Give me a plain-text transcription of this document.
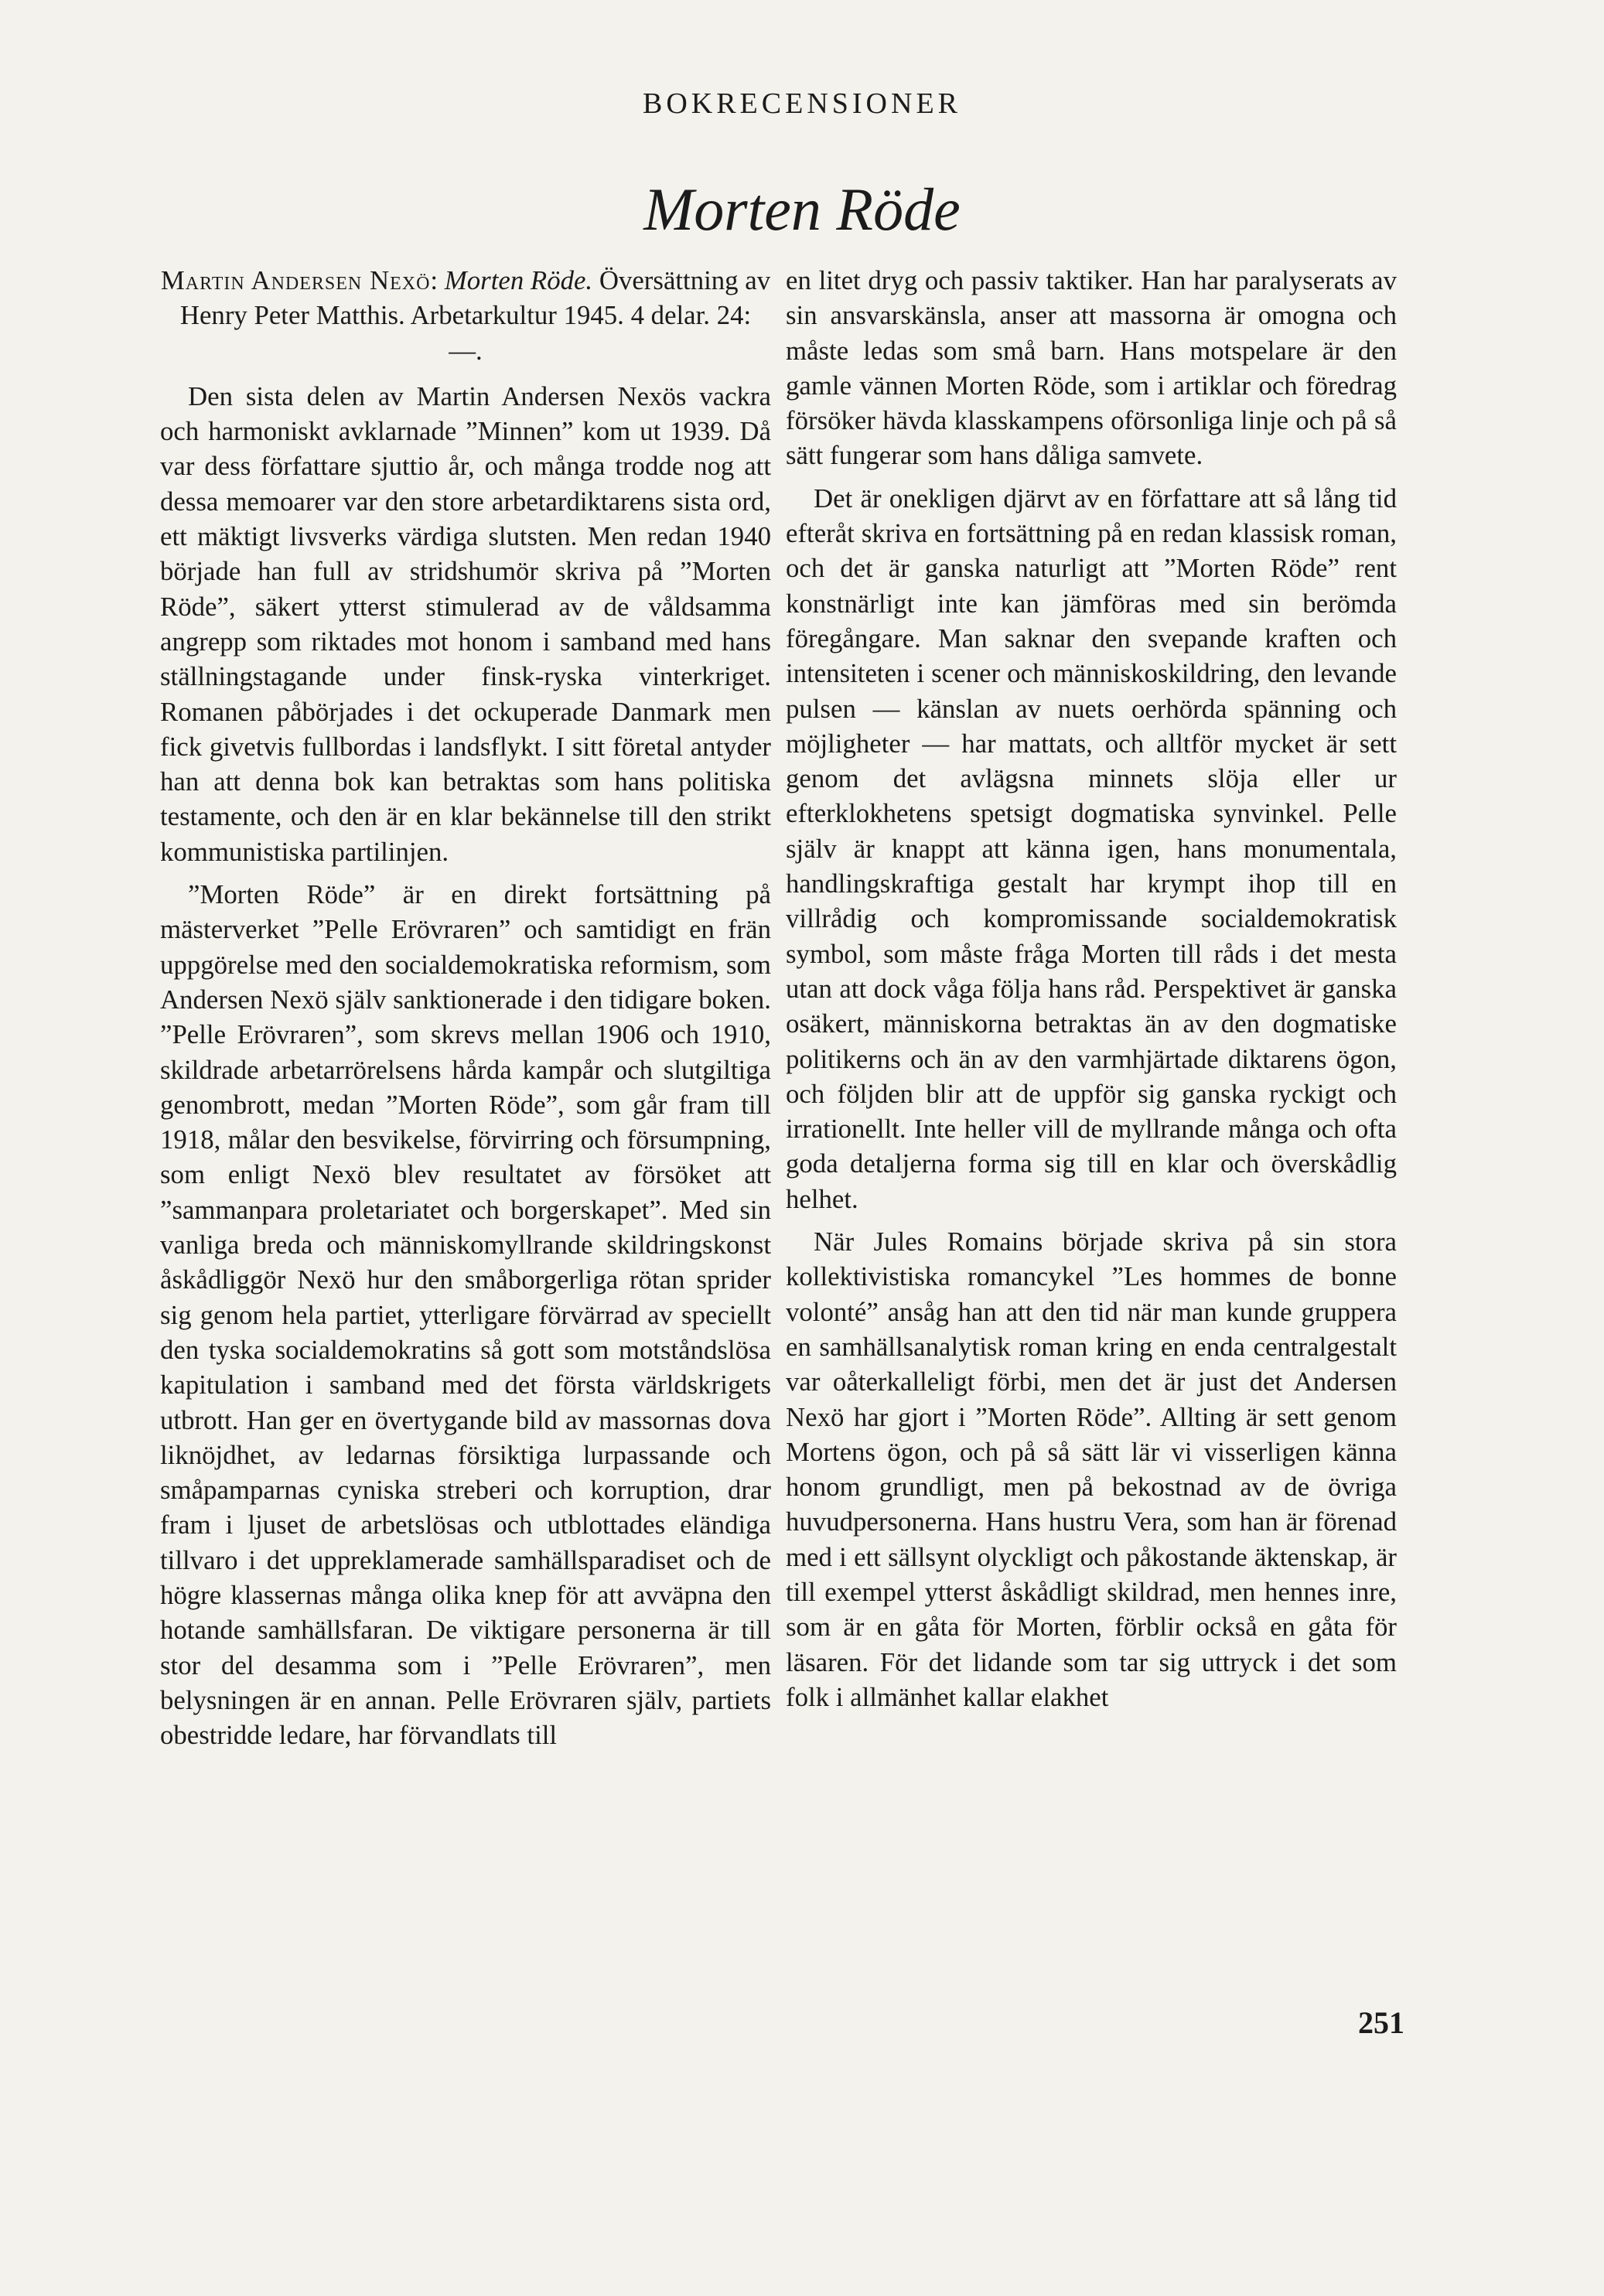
BOKRECENSIONER
Morten Röde
Martin Andersen Nexö: Morten Röde. Översättning av Henry Peter Matthis. Arbetarkultur 1945. 4 delar. 24: —.

Den sista delen av Martin Andersen Nexös vackra och harmoniskt avklarnade ”Minnen” kom ut 1939. Då var dess författare sjuttio år, och många trodde nog att dessa memoarer var den store arbetardiktarens sista ord, ett mäktigt livsverks värdiga slutsten. Men redan 1940 började han full av stridshumör skriva på ”Morten Röde”, säkert ytterst stimulerad av de våldsamma angrepp som riktades mot honom i samband med hans ställningstagande under finsk-ryska vinterkriget. Romanen påbörjades i det ockuperade Danmark men fick givetvis fullbordas i landsflykt. I sitt företal antyder han att denna bok kan betraktas som hans politiska testamente, och den är en klar bekännelse till den strikt kommunistiska partilinjen.

”Morten Röde” är en direkt fortsättning på mästerverket ”Pelle Erövraren” och samtidigt en frän uppgörelse med den socialdemokratiska reformism, som Andersen Nexö själv sanktionerade i den tidigare boken. ”Pelle Erövraren”, som skrevs mellan 1906 och 1910, skildrade arbetarrörelsens hårda kampår och slutgiltiga genombrott, medan ”Morten Röde”, som går fram till 1918, målar den besvikelse, förvirring och försumpning, som enligt Nexö blev resultatet av försöket att ”sammanpara proletariatet och borgerskapet”. Med sin vanliga breda och människomyllrande skildringskonst åskådliggör Nexö hur den småborgerliga rötan sprider sig genom hela partiet, ytterligare förvärrad av speciellt den tyska socialdemokratins så gott som motståndslösa kapitulation i samband med det första världskrigets utbrott. Han ger en övertygande bild av massornas dova liknöjdhet, av ledarnas försiktiga lurpassande och småpamparnas cyniska streberi och korruption, drar fram i ljuset de arbetslösas och utblottades eländiga tillvaro i det uppreklamerade samhällsparadiset och de högre klassernas många olika knep för att avväpna den hotande samhällsfaran. De viktigare personerna är till stor del desamma som i ”Pelle Erövraren”, men belysningen är en annan. Pelle Erövraren själv, partiets obestridde ledare, har förvandlats till

en litet dryg och passiv taktiker. Han har paralyserats av sin ansvarskänsla, anser att massorna är omogna och måste ledas som små barn. Hans motspelare är den gamle vännen Morten Röde, som i artiklar och föredrag försöker hävda klasskampens oförsonliga linje och på så sätt fungerar som hans dåliga samvete.

Det är onekligen djärvt av en författare att så lång tid efteråt skriva en fortsättning på en redan klassisk roman, och det är ganska naturligt att ”Morten Röde” rent konstnärligt inte kan jämföras med sin berömda föregångare. Man saknar den svepande kraften och intensiteten i scener och människoskildring, den levande pulsen — känslan av nuets oerhörda spänning och möjligheter — har mattats, och alltför mycket är sett genom det avlägsna minnets slöja eller ur efterklokhetens spetsigt dogmatiska synvinkel. Pelle själv är knappt att känna igen, hans monumentala, handlingskraftiga gestalt har krympt ihop till en villrådig och kompromissande socialdemokratisk symbol, som måste fråga Morten till råds i det mesta utan att dock våga följa hans råd. Perspektivet är ganska osäkert, människorna betraktas än av den dogmatiske politikerns och än av den varmhjärtade diktarens ögon, och följden blir att de uppför sig ganska ryckigt och irrationellt. Inte heller vill de myllrande många och ofta goda detaljerna forma sig till en klar och överskådlig helhet.

När Jules Romains började skriva på sin stora kollektivistiska romancykel ”Les hommes de bonne volonté” ansåg han att den tid när man kunde gruppera en samhällsanalytisk roman kring en enda centralgestalt var oåterkalleligt förbi, men det är just det Andersen Nexö har gjort i ”Morten Röde”. Allting är sett genom Mortens ögon, och på så sätt lär vi visserligen känna honom grundligt, men på bekostnad av de övriga huvudpersonerna. Hans hustru Vera, som han är förenad med i ett sällsynt olyckligt och påkostande äktenskap, är till exempel ytterst åskådligt skildrad, men hennes inre, som är en gåta för Morten, förblir också en gåta för läsaren. För det lidande som tar sig uttryck i det som folk i allmänhet kallar elakhet

251
